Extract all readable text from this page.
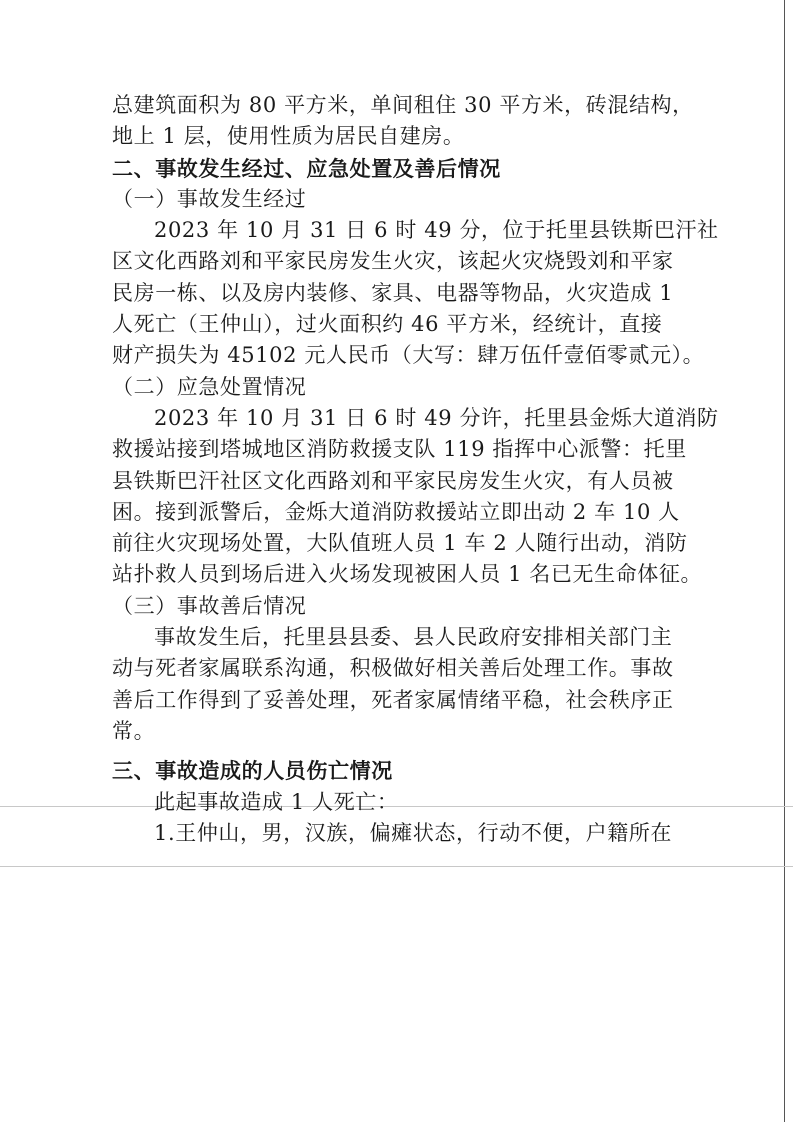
总建筑面积为 80 平方米，单间租住 30 平方米，砖混结构，
地上 1 层，使用性质为居民自建房。

二、事故发生经过、应急处置及善后情况

（一）事故发生经过

2023 年 10 月 31 日 6 时 49 分，位于托里县铁斯巴汗社
区文化西路刘和平家民房发生火灾，该起火灾烧毁刘和平家
民房一栋、以及房内装修、家具、电器等物品，火灾造成 1
人死亡（王仲山），过火面积约 46 平方米，经统计，直接
财产损失为 45102 元人民币（大写：肆万伍仟壹佰零贰元）。

（二）应急处置情况

2023 年 10 月 31 日 6 时 49 分许，托里县金烁大道消防
救援站接到塔城地区消防救援支队 119 指挥中心派警：托里
县铁斯巴汗社区文化西路刘和平家民房发生火灾，有人员被
困。接到派警后，金烁大道消防救援站立即出动 2 车 10 人
前往火灾现场处置，大队值班人员 1 车 2 人随行出动，消防
站扑救人员到场后进入火场发现被困人员 1 名已无生命体征。

（三）事故善后情况

事故发生后，托里县县委、县人民政府安排相关部门主
动与死者家属联系沟通，积极做好相关善后处理工作。事故
善后工作得到了妥善处理，死者家属情绪平稳，社会秩序正
常。

三、事故造成的人员伤亡情况

此起事故造成 1 人死亡：
1.王仲山，男，汉族，偏瘫状态，行动不便，户籍所在
